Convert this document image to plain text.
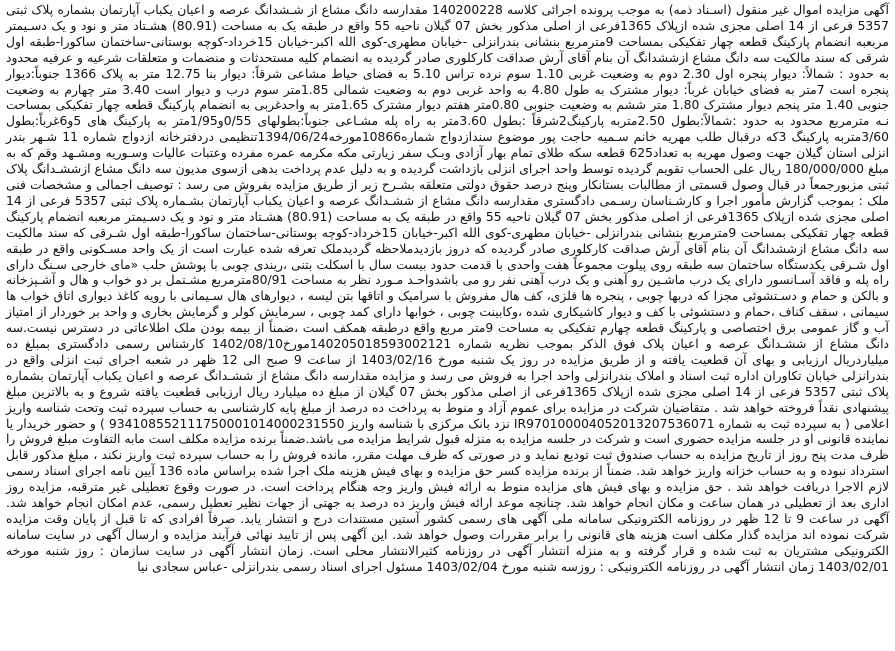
آگهی مزایده اموال غیر منقول (اسـناد ذمه) به موجب پرونده اجرائی کلاسه 140200228 مقدارسه دانگ مشاع از شـشدانگ عرصه و اعیان یکباب آپارتمان بشماره پلاک ثبتی 5357 فرعی از 14 اصلی مجزی شده ازپلاک 1365فرعی از اصلی مذکور بخش 07 گیلان ناحیه 55 واقع در طبقه یک به مساحت (80.91) هشـتاد متر و نود و یک دسـیمتر مربعبه انضمام پارکینگ قطعه چهار تفکیکی بمساحت 9مترمربع بنشانی بندرانزلی -خیابان مطهری-کوی الله اکبر-خیابان 15خرداد-کوچه بوستانی-ساختمان ساکورا-طبقه اول شرقی که سند مالکیت سه دانگ مشاع ازششدانگ آن بنام آقای آرش صداقت کارکلوری صادر گردیده به انضمام کلیه مستحدثات و منضمات و متعلقات شرعیه و عرفیه محدود به حدود : شمالاً: دیوار پنجره اول 2.30 دوم به وضعیت غربی 1.10 سوم نرده تراس 5.10 به فضای حیاط مشاعی شرقاً: دیوار بنا 12.75 متر به پلاک 1366 جنوباً:دیوار پنجره است 7متر به فضای خیابان غرباً: دیوار مشترک به طول 4.80 به واحد غربی دوم به وضعیت شمالی 1.85متر سوم درب و دیوار است 3.40 متر چهارم به وضعیت جنوبی 1.40 متر پنجم دیوار مشترک 1.80 متر ششم به وضعیت جنوبی 0.80متر هفتم دیوار مشترک 1.65متر به واحدغربی به انضمام پارکینگ قطعه چهار تفکیکی بمساحت نـه مترمربع محدود به حدود :شمالاً:بطول 2.50متربه پارکینگ2شرقاً :بطول 3.60متر به راه پله مشـاعی جنوباً:بطولهای 0/55و1/95متر به پارکینگ های 5و6غرباً:بطول 3/60متربه پارکینگ 3که درقبال طلب مهریه خانم سـمیه حاجت پور موضوع سندازدواج شماره10866مورخه1394/06/24تنظیمی دردفترخانه ازدواج شماره 11 شـهر بندر انزلی استان گیلان جهت وصول مهریه به تعداد625 قطعه سکه طلای تمام بهار آزادی وبـک سفر زیارتی مکه مکرمه عمره مفرده وعتبات عالیات وسـوریه ومشـهد وقم که به مبلغ 180/000/000 ریال علی الحساب تقویم گردیده توسط واحد اجرای انزلی بازداشت گردیده و به دلیل عدم پرداخت بدهی ازسوی مدیون سه دانگ مشاع ازششـدانگ پلاک ثبتی مزبورجمعاً در قبال وصول قسمتی از مطالبات بستانکار وپنج درصد حقوق دولتی متعلقه بشـرح زیر از طریق مزایده بفروش می رسد : توصیف اجمالی و مشخصات فنی ملک : بموجب گزارش مأمور اجرا و کارشـناسان رسـمی دادگستری مقدارسه دانگ مشاع از ششـدانگ عرصه و اعیان یکباب آپارتمان بشـماره پلاک ثبتی 5357 فرعی از 14 اصلی مجزی شده ازپلاک 1365فرعی از اصلی مذکور بخش 07 گیلان ناحیه 55 واقع در طبقه یک به مساحت (80.91) هشـتاد متر و نود و یک دسـیمتر مربعبه انضمام پارکینگ قطعه چهار تفکیکی بمساحت 9مترمربع بنشانی بندرانزلی -خیابان مطهری-کوی الله اکبر-خیابان 15خرداد-کوچه بوستانی-ساختمان ساکورا-طبقه اول شـرقی که سند مالکیت سه دانگ مشاع ازششدانگ آن بنام آقای آرش صداقت کارکلوری صادر گردیده که دروز بازدیدملاحظه گردیدملک تعرفه شده عبارت است از یک واحد مسـکونی واقع در طبقه اول شـرقی یکدستگاه ساختمان سه طبقه روی پیلوت مجموعاً هفت واحدی با قدمت حدود بیست سال با اسکلت بتنی ،ریندی چوبی با پوشش حلب «مای خارجی سـنگ دارای راه پله و فاقد آسـانسور دارای یک درب ماشـین رو آهنی و یک درب آهنی نفر رو می باشدواحـد مـورد نظر به مساحت 80/91مترمربع مشـتمل بر دو خواب و هال و آشـپزخانه و بالکن و حمام و دسـتشوئی مجزا که دربها چوبی ، پنجره ها فلزی، کف هال مفروش با سرامیک و اتاقها بتن لیسه ، دیوارهای هال سـیمانی با رویه کاغذ دیواری اتاق خواب ها سیمانی ، سقف کناف ،حمام و دستشوئی با کف و دیوار کاشیکاری شده ،وکابینت چوبی ، خوابها دارای کمد چوبی ، سرمایش کولر و گرمایش بخاری و واحد بر خوردار از امتیاز آب و گاز عمومی برق اختصاصی و پارکینگ قطعه چهارم تفکیکی به مساحت 9متر مربع واقع درطبقه همکف است ،ضمناً از بیمه بودن ملک اطلاعاتی در دسترس نیست.سه دانگ مشاع از ششـدانگ عرصه و اعیان پلاک فوق الذکر بموجب نظریه شماره 140205018593002121مورخ1402/08/10 کارشناس رسمی دادگستری بمبلغ ده میلیاردریال ارزیابی و بهای آن قطعیت یافته و از طریق مزایده در روز یک شنبه مورخ 1403/02/16 از ساعت 9 صبح الی 12 ظهر در شعبه اجرای ثبت انزلی واقع در بندرانزلی خیابان تکاوران اداره ثبت اسناد و املاک بندرانزلی واحد اجرا به فروش می رسد و مزایده مقدارسه دانگ مشاع از ششـدانگ عرصه و اعیان یکباب آپارتمان بشماره پلاک ثبتی 5357 فرعی از 14 اصلی مجزی شده ازپلاک 1365فرعی از اصلی مذکور بخش 07 گیلان از مبلغ ده میلیارد ریال ارزیابی قطعیت یافته شروع و به بالاترین مبلغ پیشنهادی نقداً فروخته خواهد شد . متقاضیان شرکت در مزایده برای عموم آزاد و منوط به پرداخت ده درصد از مبلغ پایه کارشناسی به حساب سپرده ثبت وتحت شناسه واریز اعلامی ( به سپرده ثبت به شماره IR970100004052013207536071 نزد بانک مرکزی با شناسه واریز 934108552111750001014000231550 ) و حضور خریدار یا نماینده قانونی او در جلسه مزایده حضوری است و شرکت در جلسه مزایده به منزله قبول شرایط مزایده می باشد.ضمناً برنده مزایده مکلف است مابه التفاوت مبلغ فروش را ظرف مدت پنج روز از تاریخ مزایده به حساب صندوق ثبت تودیع نماید و در صورتی که ظرف مهلت مقرر، مانده فروش را به حساب سپرده ثبت واریز نکند ، مبلغ مذکور قابل استرداد نبوده و به حساب خزانه واریز خواهد شد. ضمناً از برنده مزایده کسر حق مزایده و بهای فیش هزینه ملک اجرا شده براساس ماده 136 آیین نامه اجرای اسناد رسمی لازم الاجرا دریافت خواهد شد . حق مزایده و بهای فیش های مزایده منوط به ارائه فیش واریز وجه هنگام پرداخت است. در صورت وقوع تعطیلی غیر مترقبه، مزایده روز اداری بعد از تعطیلی در همان ساعت و مکان انجام خواهد شد. چنانچه موعد ارائه فیش واریز ده درصد به جهتی از جهات نظیر تعطیل رسمی، عدم امکان انجام خواهد شد. آگهی در ساعت 9 تا 12 ظهر در روزنامه الکترونیکی سامانه ملی آگهی های رسمی کشور آستین مستندات درج و انتشار یابد. صرفاً افرادی که تا قبل از پایان وقت مزایده شرکت نموده اند مزایده گذار مکلف است هزینه های قانونی را برابر مقررات وصول خواهد شد. این آگهی پس از تایید نهائی فرآیند مزایده و ارسال آگهی در سایت سامانه الکترونیکی مشتریان به ثبت شده و قرار گرفته و به منزله انتشار آگهی در روزنامه کثیرالانتشار محلی است. زمان انتشار آگهی در سایت سازمان : روز شنبه مورخه 1403/02/01 زمان انتشار آگهی در روزنامه الکترونیکی : روزسه شنبه مورخ 1403/02/04 مسئول اجرای اسناد رسمی بندرانزلی -عباس سجادی نیا
